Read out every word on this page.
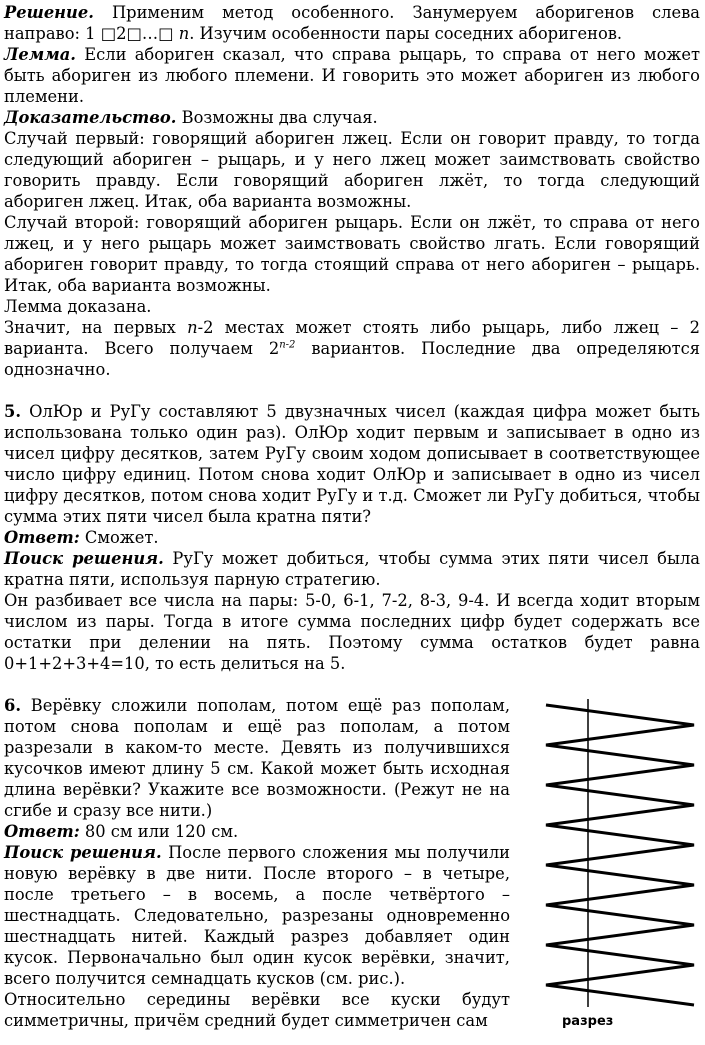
Решение. Применим метод особенного. Занумеруем аборигенов слева направо: 1 □2□…□ n. Изучим особенности пары соседних аборигенов.

Лемма. Если абориген сказал, что справа рыцарь, то справа от него может быть абориген из любого племени. И говорить это может абориген из любого племени.

Доказательство. Возможны два случая.

Случай первый: говорящий абориген лжец. Если он говорит правду, то тогда следующий абориген – рыцарь, и у него лжец может заимствовать свойство говорить правду. Если говорящий абориген лжёт, то тогда следующий абориген лжец. Итак, оба варианта возможны.

Случай второй: говорящий абориген рыцарь. Если он лжёт, то справа от него лжец, и у него рыцарь может заимствовать свойство лгать. Если говорящий абориген говорит правду, то тогда стоящий справа от него абориген – рыцарь. Итак, оба варианта возможны.

Лемма доказана.

Значит, на первых n-2 местах может стоять либо рыцарь, либо лжец – 2 варианта. Всего получаем 2$^{n-2}$ вариантов. Последние два определяются однозначно.

5. ОлЮр и РуГу составляют 5 двузначных чисел (каждая цифра может быть использована только один раз). ОлЮр ходит первым и записывает в одно из чисел цифру десятков, затем РуГу своим ходом дописывает в соответствующее число цифру единиц. Потом снова ходит ОлЮр и записывает в одно из чисел цифру десятков, потом снова ходит РуГу и т.д. Сможет ли РуГу добиться, чтобы сумма этих пяти чисел была кратна пяти?

Ответ: Сможет.

Поиск решения. РуГу может добиться, чтобы сумма этих пяти чисел была кратна пяти, используя парную стратегию.

Он разбивает все числа на пары: 5-0, 6-1, 7-2, 8-3, 9-4. И всегда ходит вторым числом из пары. Тогда в итоге сумма последних цифр будет содержать все остатки при делении на пять. Поэтому сумма остатков будет равна 0+1+2+3+4=10, то есть делиться на 5.

6. Верёвку сложили пополам, потом ещё раз пополам, потом снова пополам и ещё раз пополам, а потом разрезали в каком-то месте. Девять из получившихся кусочков имеют длину 5 см. Какой может быть исходная длина верёвки? Укажите все возможности. (Режут не на сгибе и сразу все нити.)

Ответ: 80 см или 120 см.

Поиск решения. После первого сложения мы получили новую верёвку в две нити. После второго – в четыре, после третьего – в восемь, а после четвёртого – шестнадцать. Следовательно, разрезаны одновременно шестнадцать нитей. Каждый разрез добавляет один кусок. Первоначально был один кусок верёвки, значит, всего получится семнадцать кусков (см. рис.).

Относительно середины верёвки все куски будут симметричны, причём средний будет симметричен сам	разрез
